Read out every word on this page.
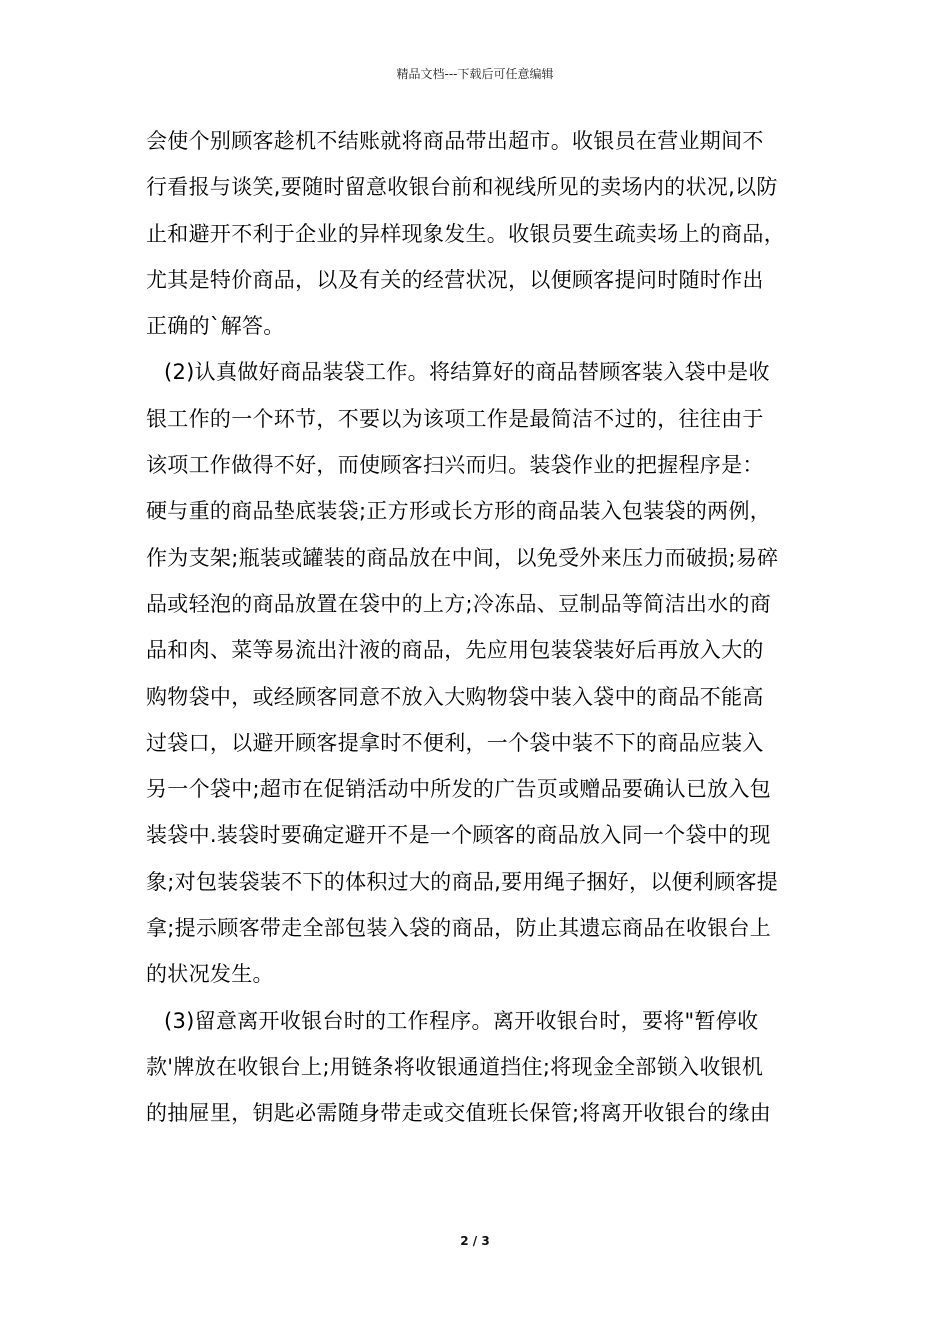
精品文档---下载后可任意编辑
会使个别顾客趁机不结账就将商品带出超市。收银员在营业期间不
行看报与谈笑,要随时留意收银台前和视线所见的卖场内的状况,以防
止和避开不利于企业的异样现象发生。收银员要生疏卖场上的商品，
尤其是特价商品，以及有关的经营状况，以便顾客提问时随时作出
正确的`解答。
(2)认真做好商品装袋工作。将结算好的商品替顾客装入袋中是收
银工作的一个环节，不要以为该项工作是最简洁不过的，往往由于
该项工作做得不好，而使顾客扫兴而归。装袋作业的把握程序是：
硬与重的商品垫底装袋;正方形或长方形的商品装入包装袋的两例，
作为支架;瓶装或罐装的商品放在中间，以免受外来压力而破损;易碎
品或轻泡的商品放置在袋中的上方;冷冻品、豆制品等简洁出水的商
品和肉、菜等易流出汁液的商品，先应用包装袋装好后再放入大的
购物袋中，或经顾客同意不放入大购物袋中装入袋中的商品不能高
过袋口，以避开顾客提拿时不便利，一个袋中装不下的商品应装入
另一个袋中;超市在促销活动中所发的广告页或赠品要确认已放入包
装袋中.装袋时要确定避开不是一个顾客的商品放入同一个袋中的现
象;对包装袋装不下的体积过大的商品,要用绳子捆好，以便利顾客提
拿;提示顾客带走全部包装入袋的商品，防止其遗忘商品在收银台上
的状况发生。
(3)留意离开收银台时的工作程序。离开收银台时，要将"暂停收
款'牌放在收银台上;用链条将收银通道挡住;将现金全部锁入收银机
的抽屉里，钥匙必需随身带走或交值班长保管;将离开收银台的缘由
2 / 3
